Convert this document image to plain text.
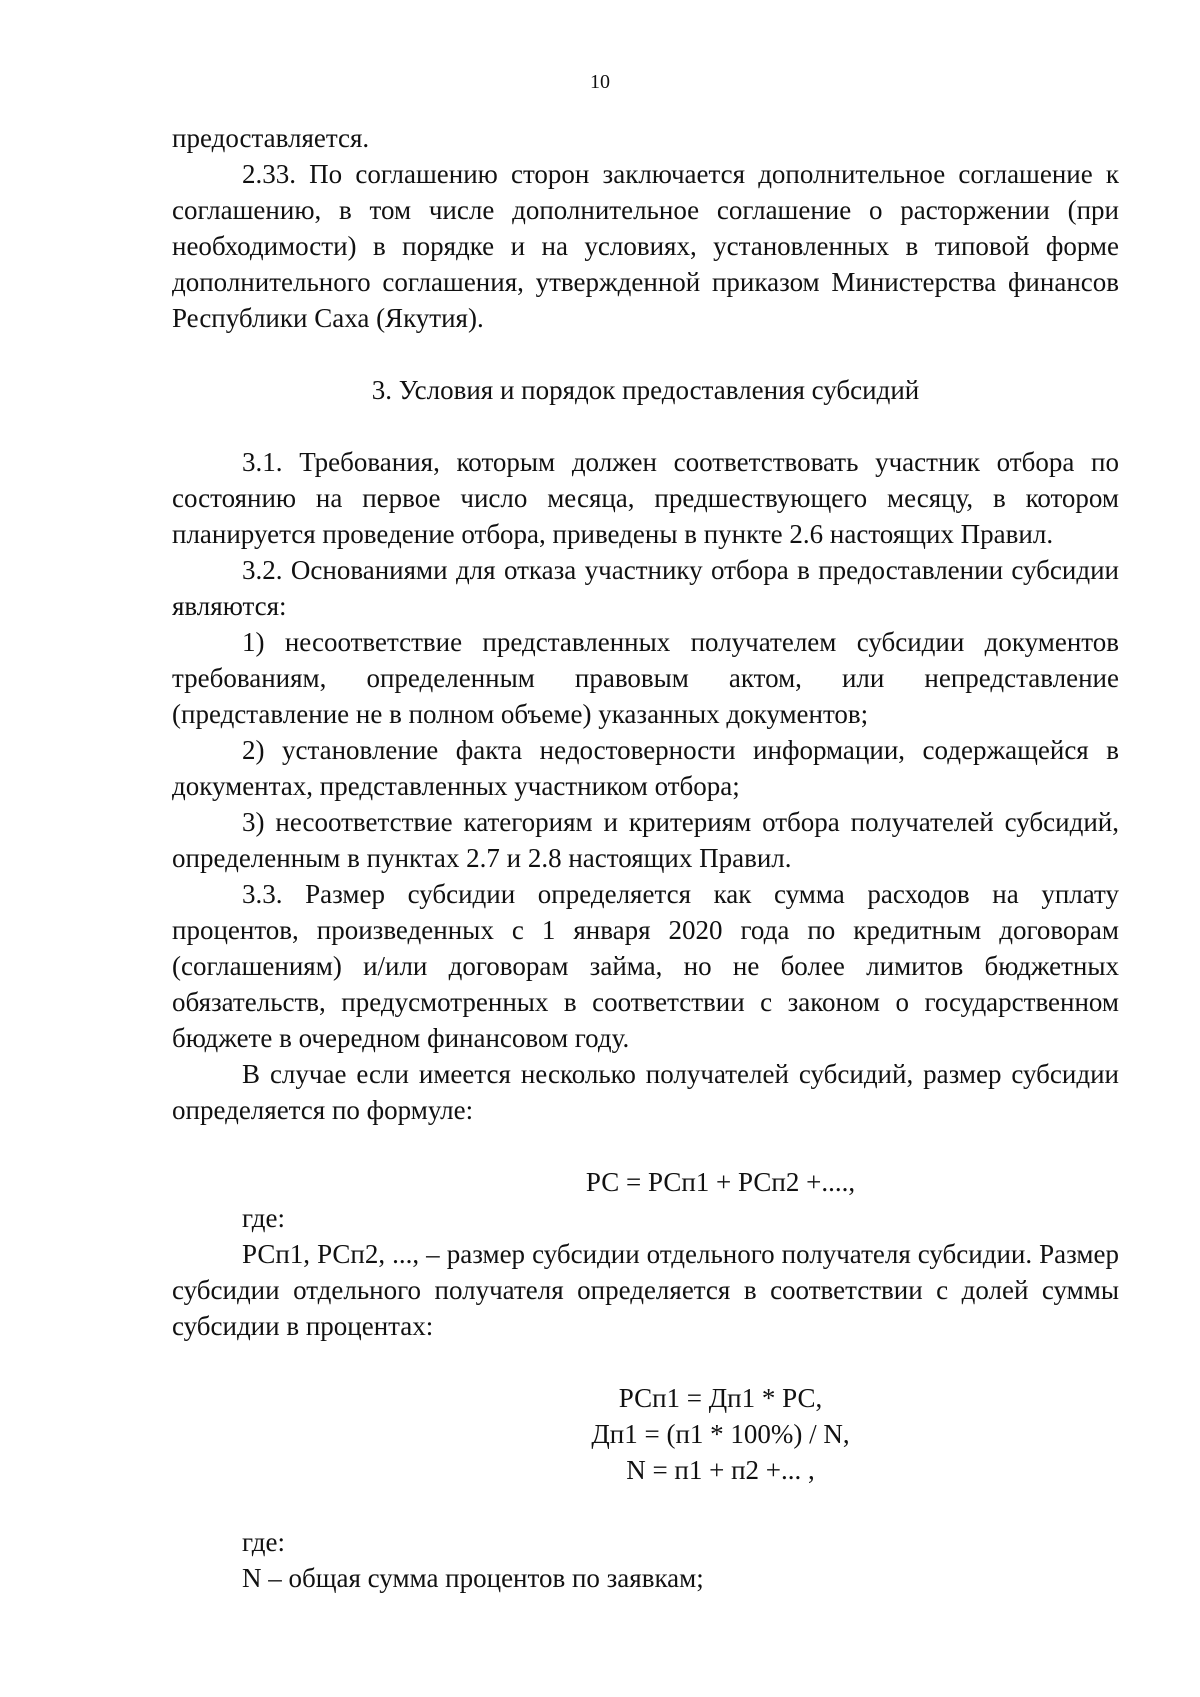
10

предоставляется.

2.33. По соглашению сторон заключается дополнительное соглашение к соглашению, в том числе дополнительное соглашение о расторжении (при необходимости) в порядке и на условиях, установленных в типовой форме дополнительного соглашения, утвержденной приказом Министерства финансов Республики Саха (Якутия).

3. Условия и порядок предоставления субсидий

3.1. Требования, которым должен соответствовать участник отбора по состоянию на первое число месяца, предшествующего месяцу, в котором планируется проведение отбора, приведены в пункте 2.6 настоящих Правил.

3.2. Основаниями для отказа участнику отбора в предоставлении субсидии являются:

1) несоответствие представленных получателем субсидии документов требованиям, определенным правовым актом, или непредставление (представление не в полном объеме) указанных документов;

2) установление факта недостоверности информации, содержащейся в документах, представленных участником отбора;

3) несоответствие категориям и критериям отбора получателей субсидий, определенным в пунктах 2.7 и 2.8 настоящих Правил.

3.3. Размер субсидии определяется как сумма расходов на уплату процентов, произведенных с 1 января 2020 года по кредитным договорам (соглашениям) и/или договорам займа, но не более лимитов бюджетных обязательств, предусмотренных в соответствии с законом о государственном бюджете в очередном финансовом году.

В случае если имеется несколько получателей субсидий, размер субсидии определяется по формуле:

РС = РСп1 + РСп2 +....,

где:

РСп1, РСп2, ..., – размер субсидии отдельного получателя субсидии. Размер субсидии отдельного получателя определяется в соответствии с долей суммы субсидии в процентах:

РСп1 = Дп1 * РС,

Дп1 = (п1 * 100%) / N,

N = п1 + п2 +... ,

где:

N – общая сумма процентов по заявкам;
